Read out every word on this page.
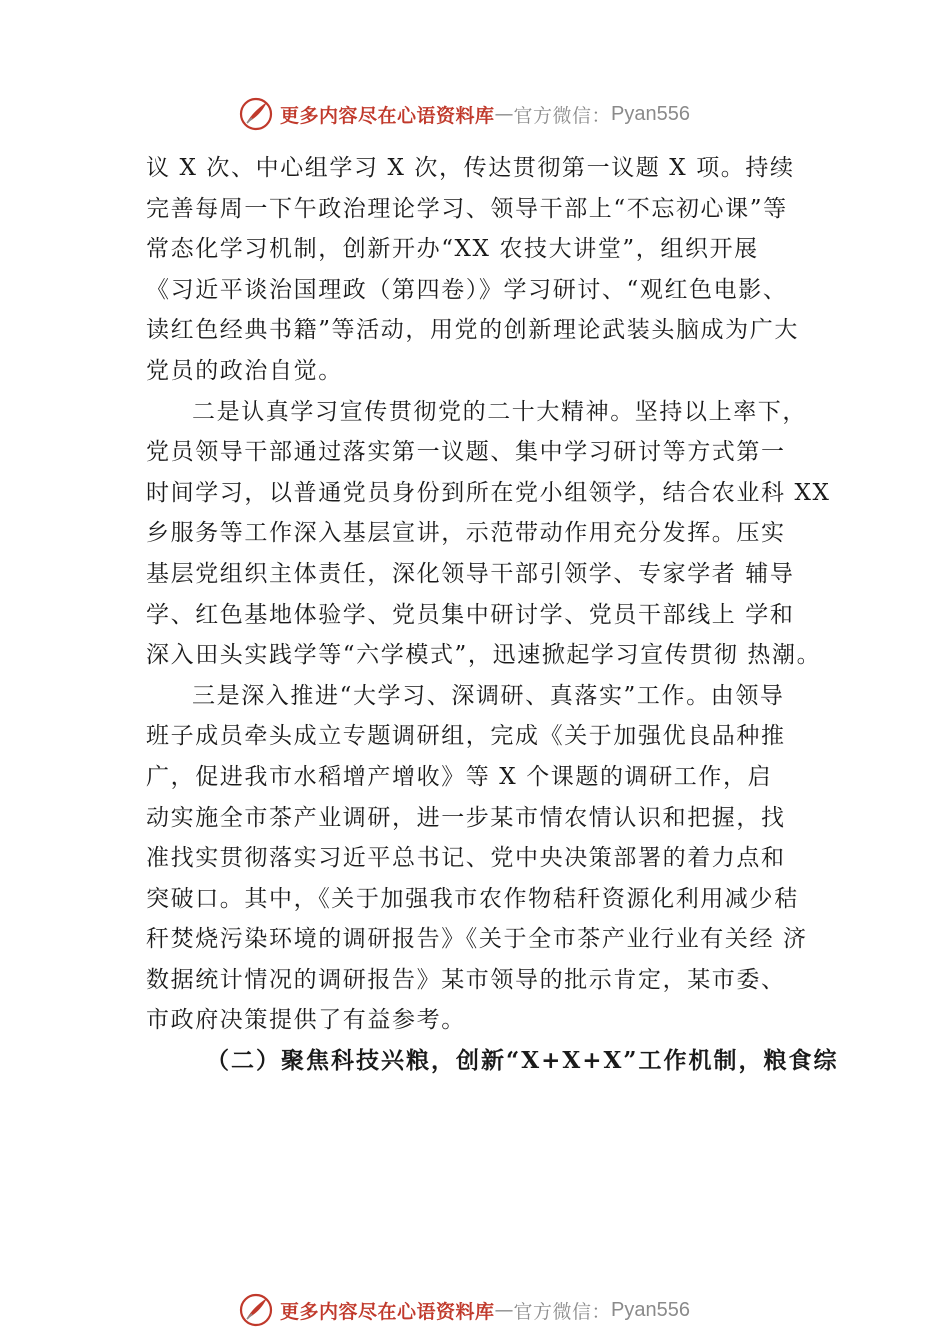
更多内容尽在心语资料库 — 官方微信： Pyan556
议 X 次、中心组学习 X 次，传达贯彻第一议题 X 项。持续
完善每周一下午政治理论学习、领导干部上“不忘初心课”等
常态化学习机制，创新开办“XX 农技大讲堂”，组织开展
《习近平谈治国理政（第四卷）》学习研讨、“观红色电影、
读红色经典书籍”等活动，用党的创新理论武装头脑成为广大
党员的政治自觉。
二是认真学习宣传贯彻党的二十大精神。坚持以上率下，
党员领导干部通过落实第一议题、集中学习研讨等方式第一
时间学习，以普通党员身份到所在党小组领学，结合农业科 XX
乡服务等工作深入基层宣讲，示范带动作用充分发挥。压实
基层党组织主体责任，深化领导干部引领学、专家学者 辅导
学、红色基地体验学、党员集中研讨学、党员干部线上 学和
深入田头实践学等“六学模式”，迅速掀起学习宣传贯彻 热潮。
三是深入推进“大学习、深调研、真落实”工作。由领导
班子成员牵头成立专题调研组，完成《关于加强优良品种推
广，促进我市水稻增产增收》等 X 个课题的调研工作，启
动实施全市茶产业调研，进一步某市情农情认识和把握，找
准找实贯彻落实习近平总书记、党中央决策部署的着力点和
突破口。其中，《关于加强我市农作物秸秆资源化利用减少秸
秆焚烧污染环境的调研报告》《关于全市茶产业行业有关经 济
数据统计情况的调研报告》某市领导的批示肯定，某市委、
市政府决策提供了有益参考。
（二）聚焦科技兴粮，创新“X+X+X”工作机制，粮食综
更多内容尽在心语资料库 — 官方微信： Pyan556
